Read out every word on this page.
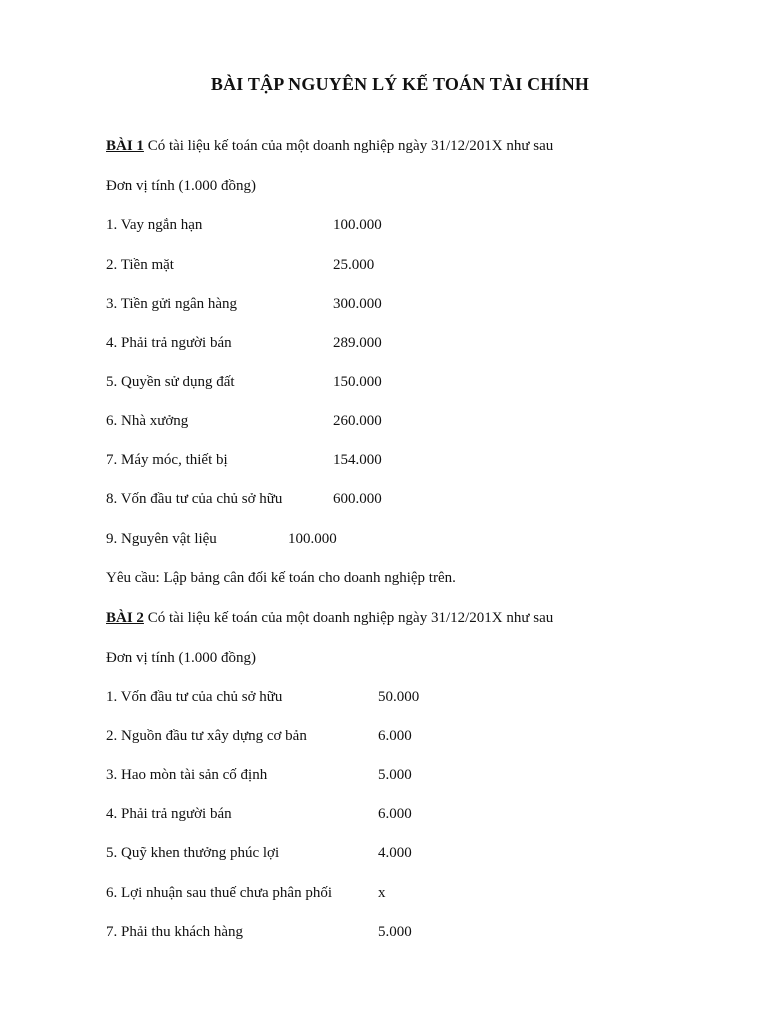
BÀI TẬP NGUYÊN LÝ KẾ TOÁN TÀI CHÍNH
BÀI 1 Có tài liệu kế toán của một doanh nghiệp ngày 31/12/201X như sau
Đơn vị tính (1.000 đồng)
1. Vay ngắn hạn	100.000
2. Tiền mặt	25.000
3. Tiền gửi ngân hàng	300.000
4. Phải trả người bán	289.000
5. Quyền sử dụng đất	150.000
6. Nhà xưởng	260.000
7. Máy móc, thiết bị	154.000
8. Vốn đầu tư của chủ sở hữu	600.000
9. Nguyên vật liệu	100.000
Yêu cầu: Lập bảng cân đối kế toán cho doanh nghiệp trên.
BÀI 2 Có tài liệu kế toán của một doanh nghiệp ngày 31/12/201X như sau
Đơn vị tính (1.000 đồng)
1. Vốn đầu tư của chủ sở hữu	50.000
2. Nguồn đầu tư xây dựng cơ bản	6.000
3. Hao mòn tài sản cố định	5.000
4. Phải trả người bán	6.000
5. Quỹ khen thưởng phúc lợi	4.000
6. Lợi nhuận sau thuế chưa phân phối	x
7. Phải thu khách hàng	5.000
